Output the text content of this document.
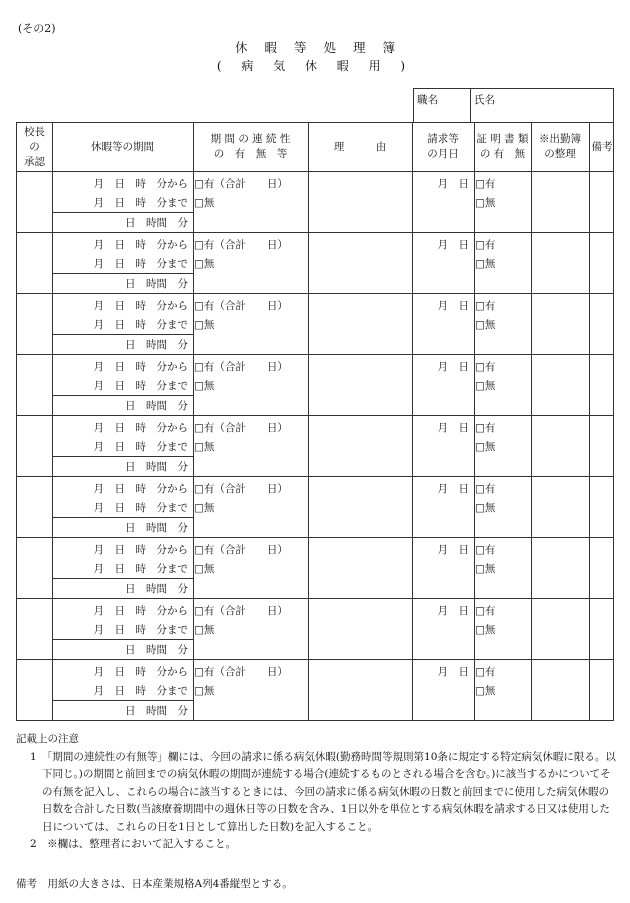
(その2)
休暇等処理簿
( 病 気 休 暇 用 )
職名	氏名
校長
の
承認
休暇等の期間
期 間 の 連 続 性
の　有　無　等
理　　　由
請求等
の月日
証 明 書 類
の 有　無
※出勤簿
の整理
備考
月　日　時　分から
月　日　時　分まで
日　時間　分
□有（合計　　日）
□無
月　日 □有
□無
月　日　時　分から
月　日　時　分まで
日　時間　分
□有（合計　　日）
□無
月　日 □有
□無
月　日　時　分から
月　日　時　分まで
日　時間　分
□有（合計　　日）
□無
月　日 □有
□無
月　日　時　分から
月　日　時　分まで
日　時間　分
□有（合計　　日）
□無
月　日 □有
□無
月　日　時　分から
月　日　時　分まで
日　時間　分
□有（合計　　日）
□無
月　日 □有
□無
月　日　時　分から
月　日　時　分まで
日　時間　分
□有（合計　　日）
□無
月　日 □有
□無
月　日　時　分から
月　日　時　分まで
日　時間　分
□有（合計　　日）
□無
月　日 □有
□無
月　日　時　分から
月　日　時　分まで
日　時間　分
□有（合計　　日）
□無
月　日 □有
□無
月　日　時　分から
月　日　時　分まで
日　時間　分
□有（合計　　日）
□無
月　日 □有
□無
記載上の注意
1　「期間の連続性の有無等」欄には、今回の請求に係る病気休暇(勤務時間等規則第10条に規定する特定病気休暇に限る。以下同じ。)の期間と前回までの病気休暇の期間が連続する場合(連続するものとされる場合を含む。)に該当するかについてその有無を記入し、これらの場合に該当するときには、今回の請求に係る病気休暇の日数と前回までに使用した病気休暇の日数を合計した日数(当該療養期間中の週休日等の日数を含み、1日以外を単位とする病気休暇を請求する日又は使用した日については、これらの日を1日として算出した日数)を記入すること。
2　※欄は、整理者において記入すること。
備考　用紙の大きさは、日本産業規格A列4番縦型とする。
